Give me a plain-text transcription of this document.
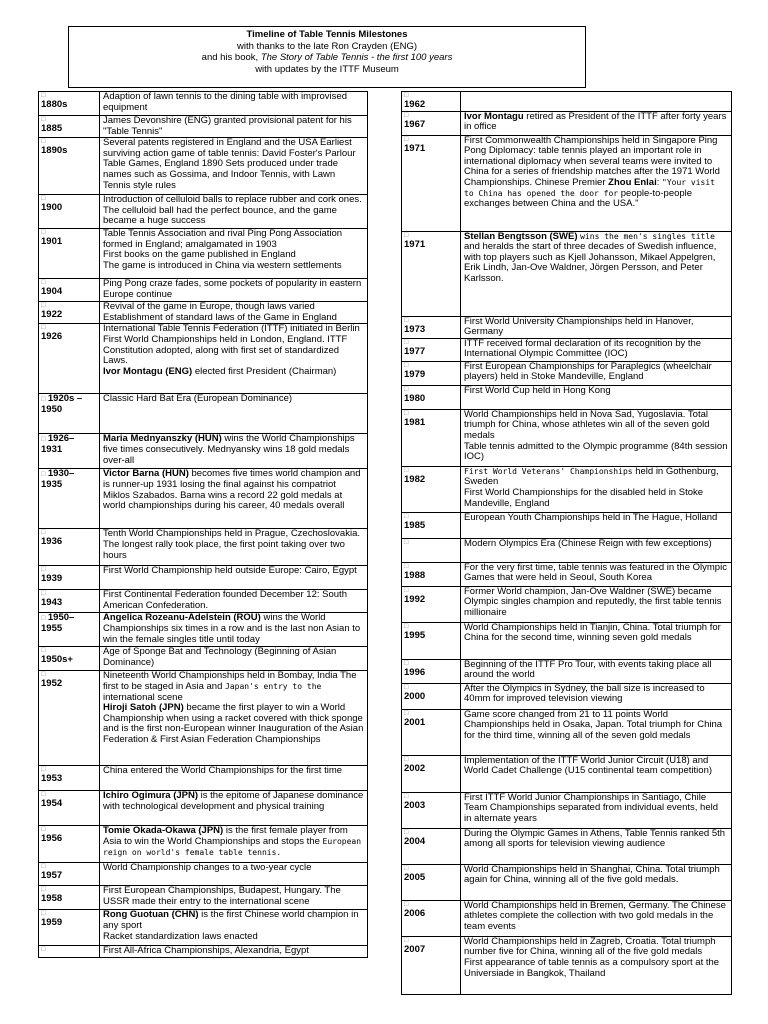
Timeline of Table Tennis Milestones
with thanks to the late Ron Crayden (ENG)
and his book, The Story of Table Tennis - the first 100 years
with updates by the ITTF Museum
□
1880s	Adaption of lawn tennis to the dining table with improvised equipment

□
1885	James Devonshire (ENG) granted provisional patent for his "Table Tennis"

□
1890s	Several patents registered in England and the USA Earliest surviving action game of table tennis: David Foster's Parlour Table Games, England 1890 Sets produced under trade names such as Gossima, and Indoor Tennis, with Lawn Tennis style rules

□
1900	Introduction of celluloid balls to replace rubber and cork ones. The celluloid ball had the perfect bounce, and the game became a huge success

□
1901	Table Tennis Association and rival Ping Pong Association formed in England; amalgamated in 1903
First books on the game published in England
The game is introduced in China via western settlements

□
1904	Ping Pong craze fades, some pockets of popularity in eastern Europe continue

□
1922	Revival of the game in Europe, though laws varied Establishment of standard laws of the Game in England

□
1926	International Table Tennis Federation (ITTF) initiated in Berlin
First World Championships held in London, England. ITTF Constitution adopted, along with first set of standardized Laws.
Ivor Montagu (ENG) elected first President (Chairman)
□ 1920s – 1950	Classic Hard Bat Era (European Dominance)
□ 1926– 1931	Maria Mednyanszky (HUN) wins the World Championships five times consecutively. Mednyansky wins 18 gold medals over-all
□ 1930– 1935	Victor Barna (HUN) becomes five times world champion and is runner-up 1931 losing the final against his compatriot Miklos Szabados. Barna wins a record 22 gold medals at world championships during his career, 40 medals overall

□
1936	Tenth World Championships held in Prague, Czechoslovakia. The longest rally took place, the first point taking over two hours

□
1939	First World Championship held outside Europe: Cairo, Egypt

□
1943	First Continental Federation founded December 12: South American Confederation.
□ 1950– 1955	Angelica Rozeanu-Adelstein (ROU) wins the World Championships six times in a row and is the last non Asian to win the female singles title until today

□
1950s+	Age of Sponge Bat and Technology (Beginning of Asian Dominance)

□
1952	Nineteenth World Championships held in Bombay, India The first to be staged in Asia and Japan's entry to the international scene
Hiroji Satoh (JPN) became the first player to win a World Championship when using a racket covered with thick sponge and is the first non-European winner Inauguration of the Asian Federation & First Asian Federation Championships

□
1953	China entered the World Championships for the first time

□
1954	Ichiro Ogimura (JPN) is the epitome of Japanese dominance with technological development and physical training

□
1956	Tomie Okada-Okawa (JPN) is the first female player from Asia to win the World Championships and stops the European reign on world's female table tennis.

□
1957	World Championship changes to a two-year cycle

□
1958	First European Championships, Budapest, Hungary. The USSR made their entry to the international scene

□
1959	Rong Guotuan (CHN) is the first Chinese world champion in any sport
Racket standardization laws enacted

□	First All-Africa Championships, Alexandria, Egypt
□
1962	

□
1967	Ivor Montagu retired as President of the ITTF after forty years in office

□
1971	First Commonwealth Championships held in Singapore Ping Pong Diplomacy: table tennis played an important role in international diplomacy when several teams were invited to China for a series of friendship matches after the 1971 World Championships. Chinese Premier Zhou Enlai: "Your visit to China has opened the door for people-to-people exchanges between China and the USA."

□
1971	Stellan Bengtsson (SWE) wins the men's singles title and heralds the start of three decades of Swedish influence, with top players such as Kjell Johansson, Mikael Appelgren, Erik Lindh, Jan-Ove Waldner, Jörgen Persson, and Peter Karlsson.

□
1973	First World University Championships held in Hanover, Germany

□
1977	ITTF received formal declaration of its recognition by the International Olympic Committee (IOC)

□
1979	First European Championships for Paraplegics (wheelchair players) held in Stoke Mandeville, England

□
1980	First World Cup held in Hong Kong

□
1981	World Championships held in Nova Sad, Yugoslavia. Total triumph for China, whose athletes win all of the seven gold medals
Table tennis admitted to the Olympic programme (84th session IOC)

□
1982	First World Veterans' Championships held in Gothenburg, Sweden
First World Championships for the disabled held in Stoke Mandeville, England

□
1985	European Youth Championships held in The Hague, Holland

□	Modern Olympics Era (Chinese Reign with few exceptions)

□
1988	For the very first time, table tennis was featured in the Olympic Games that were held in Seoul, South Korea

□
1992	Former World champion, Jan-Ove Waldner (SWE) became Olympic singles champion and reputedly, the first table tennis millionaire

□
1995	World Championships held in Tianjin, China. Total triumph for China for the second time, winning seven gold medals

□
1996	Beginning of the ITTF Pro Tour, with events taking place all around the world

□
2000	After the Olympics in Sydney, the ball size is increased to 40mm for improved television viewing

□
2001	Game score changed from 21 to 11 points World Championships held in Osaka, Japan. Total triumph for China for the third time, winning all of the seven gold medals

□
2002	Implementation of the ITTF World Junior Circuit (U18) and World Cadet Challenge (U15 continental team competition)

□
2003	First ITTF World Junior Championships in Santiago, Chile Team Championships separated from individual events, held in alternate years

□
2004	During the Olympic Games in Athens, Table Tennis ranked 5th among all sports for television viewing audience

□
2005	World Championships held in Shanghai, China. Total triumph again for China, winning all of the five gold medals.

□
2006	World Championships held in Bremen, Germany. The Chinese athletes complete the collection with two gold medals in the team events

□
2007	World Championships held in Zagreb, Croatia. Total triumph number five for China, winning all of the five gold medals
First appearance of table tennis as a compulsory sport at the Universiade in Bangkok, Thailand
